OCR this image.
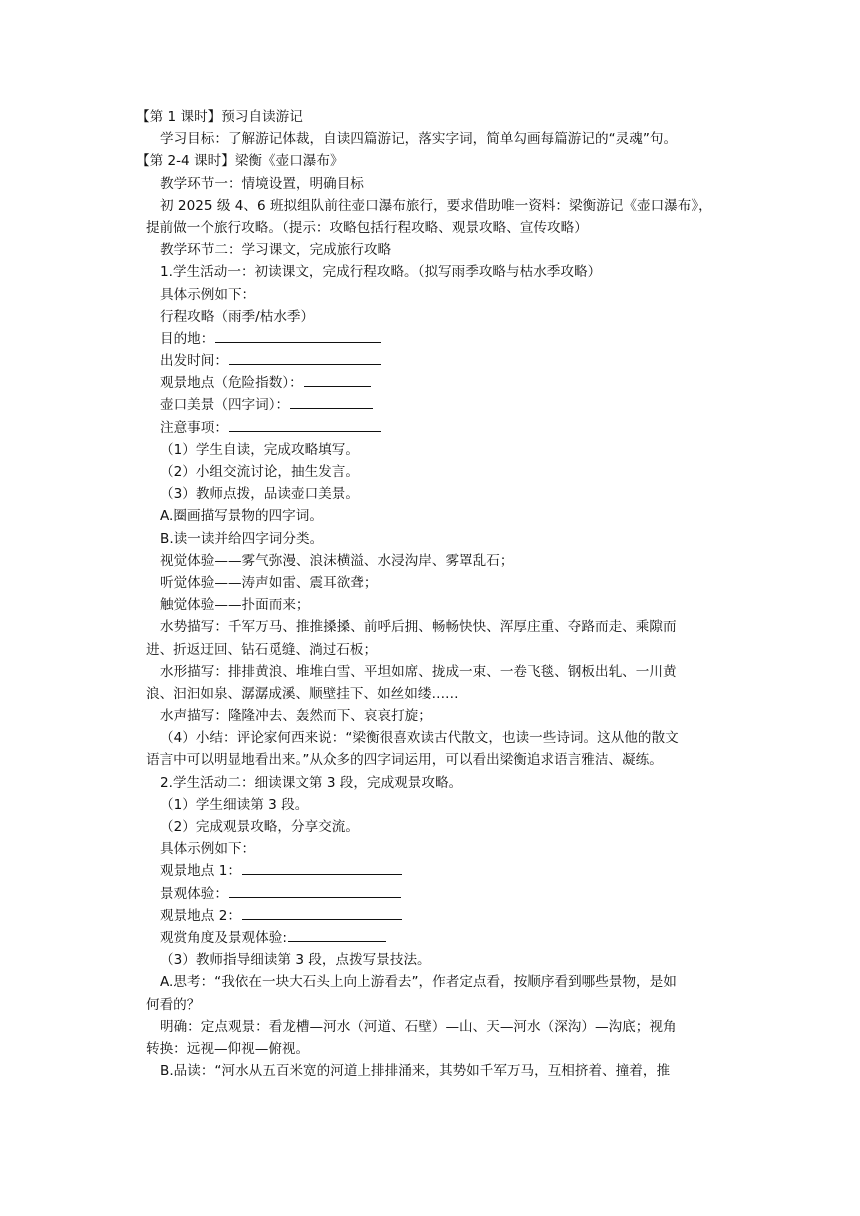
【第 1 课时】预习自读游记
学习目标：了解游记体裁，自读四篇游记，落实字词，简单勾画每篇游记的“灵魂”句。
【第 2-4 课时】梁衡《壶口瀑布》
教学环节一：情境设置，明确目标
初 2025 级 4、6 班拟组队前往壶口瀑布旅行，要求借助唯一资料：梁衡游记《壶口瀑布》，
提前做一个旅行攻略。（提示：攻略包括行程攻略、观景攻略、宣传攻略）
教学环节二：学习课文，完成旅行攻略
1.学生活动一：初读课文，完成行程攻略。（拟写雨季攻略与枯水季攻略）
具体示例如下：
行程攻略（雨季/枯水季）
目的地：
出发时间：
观景地点（危险指数）：
壶口美景（四字词）：
注意事项：
（1）学生自读，完成攻略填写。
（2）小组交流讨论，抽生发言。
（3）教师点拨，品读壶口美景。
A.圈画描写景物的四字词。
B.读一读并给四字词分类。
视觉体验——雾气弥漫、浪沫横溢、水浸沟岸、雾罩乱石；
听觉体验——涛声如雷、震耳欲聋；
触觉体验——扑面而来；
水势描写：千军万马、推推搡搡、前呼后拥、畅畅快快、浑厚庄重、夺路而走、乘隙而
进、折返迂回、钻石觅缝、淌过石板；
水形描写：排排黄浪、堆堆白雪、平坦如席、拢成一束、一卷飞毯、钢板出轧、一川黄
浪、汩汩如泉、潺潺成溪、顺壁挂下、如丝如缕……
水声描写：隆隆冲去、轰然而下、哀哀打旋；
（4）小结：评论家何西来说：“梁衡很喜欢读古代散文，也读一些诗词。这从他的散文
语言中可以明显地看出来。”从众多的四字词运用，可以看出梁衡追求语言雅洁、凝练。
2.学生活动二：细读课文第 3 段，完成观景攻略。
（1）学生细读第 3 段。
（2）完成观景攻略，分享交流。
具体示例如下：
观景地点 1：
景观体验：
观景地点 2：
观赏角度及景观体验:
（3）教师指导细读第 3 段，点拨写景技法。
A.思考：“我依在一块大石头上向上游看去”，作者定点看，按顺序看到哪些景物，是如
何看的？
明确：定点观景：看龙槽—河水（河道、石壁）—山、天—河水（深沟）—沟底；视角
转换：远视—仰视—俯视。
B.品读：“河水从五百米宽的河道上排排涌来，其势如千军万马，互相挤着、撞着，推
